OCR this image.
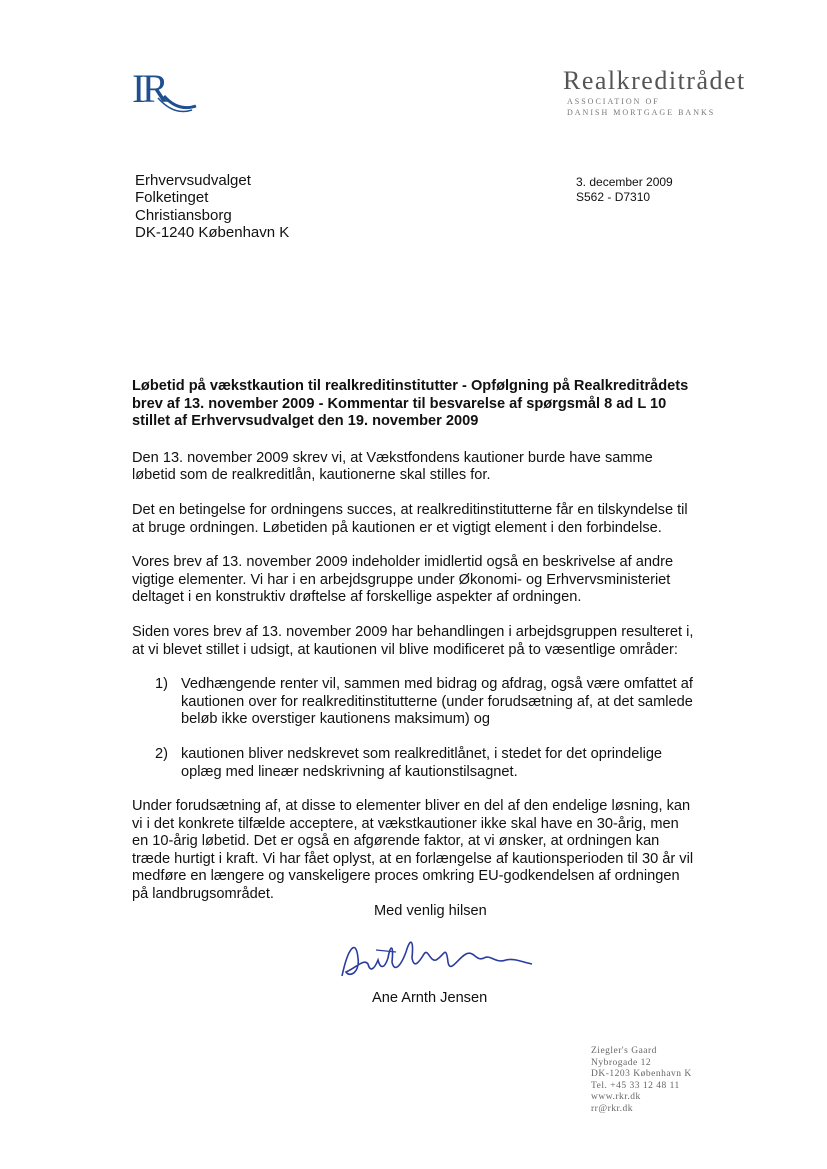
I
R	Realkreditrådet
ASSOCIATION OF
DANISH MORTGAGE BANKS
Erhvervsudvalget
Folketinget
Christiansborg
DK-1240 København K
3. december 2009
S562 - D7310
Løbetid på vækstkaution til realkreditinstitutter - Opfølgning på Realkreditrådets brev af 13. november 2009 - Kommentar til besvarelse af spørgsmål 8 ad L 10 stillet af Erhvervsudvalget den 19. november 2009

Den 13. november 2009 skrev vi, at Vækstfondens kautioner burde have samme løbetid som de realkreditlån, kautionerne skal stilles for.

Det en betingelse for ordningens succes, at realkreditinstitutterne får en tilskyndelse til at bruge ordningen. Løbetiden på kautionen er et vigtigt element i den forbindelse.

Vores brev af 13. november 2009 indeholder imidlertid også en beskrivelse af andre vigtige elementer. Vi har i en arbejdsgruppe under Økonomi- og Erhvervsministeriet deltaget i en konstruktiv drøftelse af forskellige aspekter af ordningen.

Siden vores brev af 13. november 2009 har behandlingen i arbejdsgruppen resulteret i, at vi blevet stillet i udsigt, at kautionen vil blive modificeret på to væsentlige områder:

1) Vedhængende renter vil, sammen med bidrag og afdrag, også være omfattet af kautionen over for realkreditinstitutterne (under forudsætning af, at det samlede beløb ikke overstiger kautionens maksimum) og
2) kautionen bliver nedskrevet som realkreditlånet, i stedet for det oprindelige oplæg med lineær nedskrivning af kautionstilsagnet.

Under forudsætning af, at disse to elementer bliver en del af den endelige løsning, kan vi i det konkrete tilfælde acceptere, at vækstkautioner ikke skal have en 30-årig, men en 10-årig løbetid. Det er også en afgørende faktor, at vi ønsker, at ordningen kan træde hurtigt i kraft. Vi har fået oplyst, at en forlængelse af kautionsperioden til 30 år vil medføre en længere og vanskeligere proces omkring EU-godkendelsen af ordningen på landbrugsområdet.

Med venlig hilsen
Ane Arnth Jensen
Ziegler's Gaard
Nybrogade 12
DK-1203 København K
Tel. +45 33 12 48 11
www.rkr.dk
rr@rkr.dk
